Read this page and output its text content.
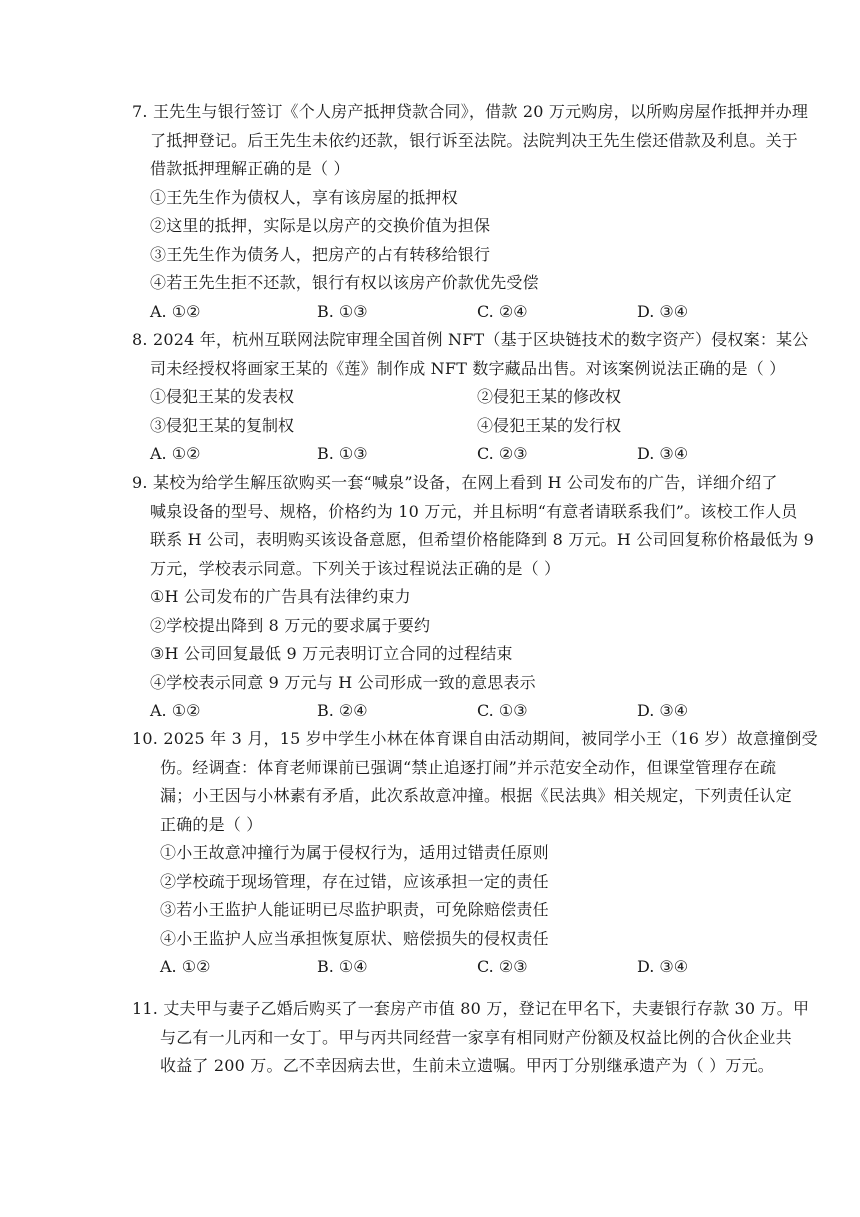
7. 王先生与银行签订《个人房产抵押贷款合同》，借款 20 万元购房，以所购房屋作抵押并办理
了抵押登记。后王先生未依约还款，银行诉至法院。法院判决王先生偿还借款及利息。关于
借款抵押理解正确的是（ ）
①王先生作为债权人，享有该房屋的抵押权
②这里的抵押，实际是以房产的交换价值为担保
③王先生作为债务人，把房产的占有转移给银行
④若王先生拒不还款，银行有权以该房产价款优先受偿
A. ①②	B. ①③	C. ②④	D. ③④
8. 2024 年，杭州互联网法院审理全国首例 NFT（基于区块链技术的数字资产）侵权案：某公
司未经授权将画家王某的《莲》制作成 NFT 数字藏品出售。对该案例说法正确的是（ ）
①侵犯王某的发表权	②侵犯王某的修改权
③侵犯王某的复制权	④侵犯王某的发行权
A. ①②	B. ①③	C. ②③	D. ③④
9. 某校为给学生解压欲购买一套“喊泉”设备，在网上看到 H 公司发布的广告，详细介绍了
喊泉设备的型号、规格，价格约为 10 万元，并且标明“有意者请联系我们”。该校工作人员
联系 H 公司，表明购买该设备意愿，但希望价格能降到 8 万元。H 公司回复称价格最低为 9
万元，学校表示同意。下列关于该过程说法正确的是（ ）
①H 公司发布的广告具有法律约束力
②学校提出降到 8 万元的要求属于要约
③H 公司回复最低 9 万元表明订立合同的过程结束
④学校表示同意 9 万元与 H 公司形成一致的意思表示
A. ①②	B. ②④	C. ①③	D. ③④
10. 2025 年 3 月，15 岁中学生小林在体育课自由活动期间，被同学小王（16 岁）故意撞倒受
伤。经调查：体育老师课前已强调“禁止追逐打闹”并示范安全动作，但课堂管理存在疏
漏；小王因与小林素有矛盾，此次系故意冲撞。根据《民法典》相关规定，下列责任认定
正确的是（ ）
①小王故意冲撞行为属于侵权行为，适用过错责任原则
②学校疏于现场管理，存在过错，应该承担一定的责任
③若小王监护人能证明已尽监护职责，可免除赔偿责任
④小王监护人应当承担恢复原状、赔偿损失的侵权责任
A. ①②	B. ①④	C. ②③	D. ③④
11. 丈夫甲与妻子乙婚后购买了一套房产市值 80 万，登记在甲名下，夫妻银行存款 30 万。甲
与乙有一儿丙和一女丁。甲与丙共同经营一家享有相同财产份额及权益比例的合伙企业共
收益了 200 万。乙不幸因病去世，生前未立遗嘱。甲丙丁分别继承遗产为（ ）万元。
